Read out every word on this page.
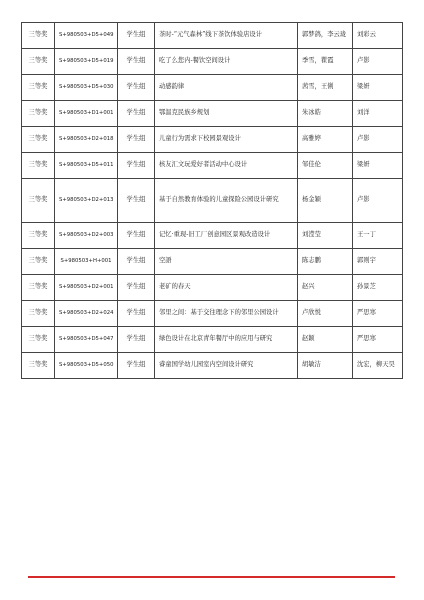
三等奖	S+980503+D5+049	学生组	茶时-“元气森林”线下茶饮体验店设计	郭梦鸽，李云珑	刘彩云
三等奖	S+980503+D5+019	学生组	吃了么您内-餐饮空间设计	季雪，瞿霞	卢影
三等奖	S+980503+D5+030	学生组	动感韵律	茜雪，王俐	梁妍
三等奖	S+980503+D1+001	学生组	鄂温克民族乡规划	朱冰皓	刘洋
三等奖	S+980503+D2+018	学生组	儿童行为需求下校园景观设计	高雅婷	卢影
三等奖	S+980503+D5+011	学生组	核友汇文玩爱好者活动中心设计	邹佳伦	梁妍
三等奖	S+980503+D2+013	学生组	基于自然教育体验的儿童探险公园设计研究	杨金颖	卢影
三等奖	S+980503+D2+003	学生组	记忆·重现-旧工厂创意园区景观改造设计	刘滢莹	王一丁
三等奖	S+980503+H+001	学生组	空語	陈志鹏	郭则宇
三等奖	S+980503+D2+001	学生组	老矿的春天	赵兴	孙景芝
三等奖	S+980503+D2+024	学生组	邻里之间：基于交往理念下的邻里公园设计	卢欣悦	严思寒
三等奖	S+980503+D5+047	学生组	绿色设计在北京青年餐厅中的应用与研究	赵颖	严思寒
三等奖	S+980503+D5+050	学生组	睿童国学幼儿园室内空间设计研究	胡敏洁	沈宏，柳天昊
